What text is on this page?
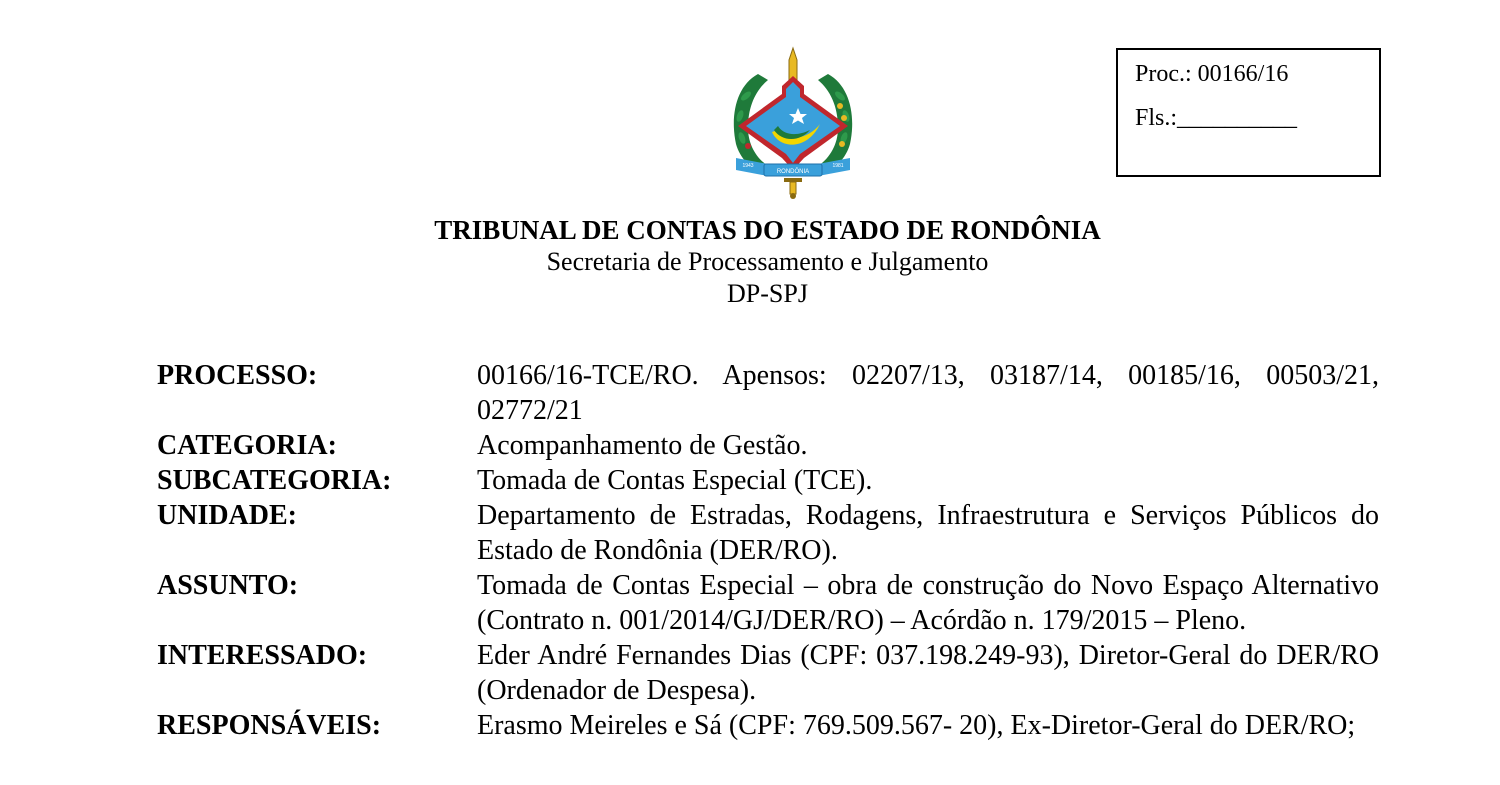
Proc.: 00166/16
Fls.:__________
RONDÔNIA
1943	1981
TRIBUNAL DE CONTAS DO ESTADO DE RONDÔNIA
Secretaria de Processamento e Julgamento
DP-SPJ
PROCESSO:	00166/16-TCE/RO. Apensos: 02207/13, 03187/14, 00185/16, 00503/21, 02772/21
CATEGORIA:	Acompanhamento de Gestão.
SUBCATEGORIA:	Tomada de Contas Especial (TCE).
UNIDADE:	Departamento de Estradas, Rodagens, Infraestrutura e Serviços Públicos do Estado de Rondônia (DER/RO).
ASSUNTO:	Tomada de Contas Especial – obra de construção do Novo Espaço Alternativo (Contrato n. 001/2014/GJ/DER/RO) – Acórdão n. 179/2015 – Pleno.
INTERESSADO:	Eder André Fernandes Dias (CPF: 037.198.249-93), Diretor-Geral do DER/RO (Ordenador de Despesa).
RESPONSÁVEIS:	Erasmo Meireles e Sá (CPF: 769.509.567- 20), Ex-Diretor-Geral do DER/RO;
